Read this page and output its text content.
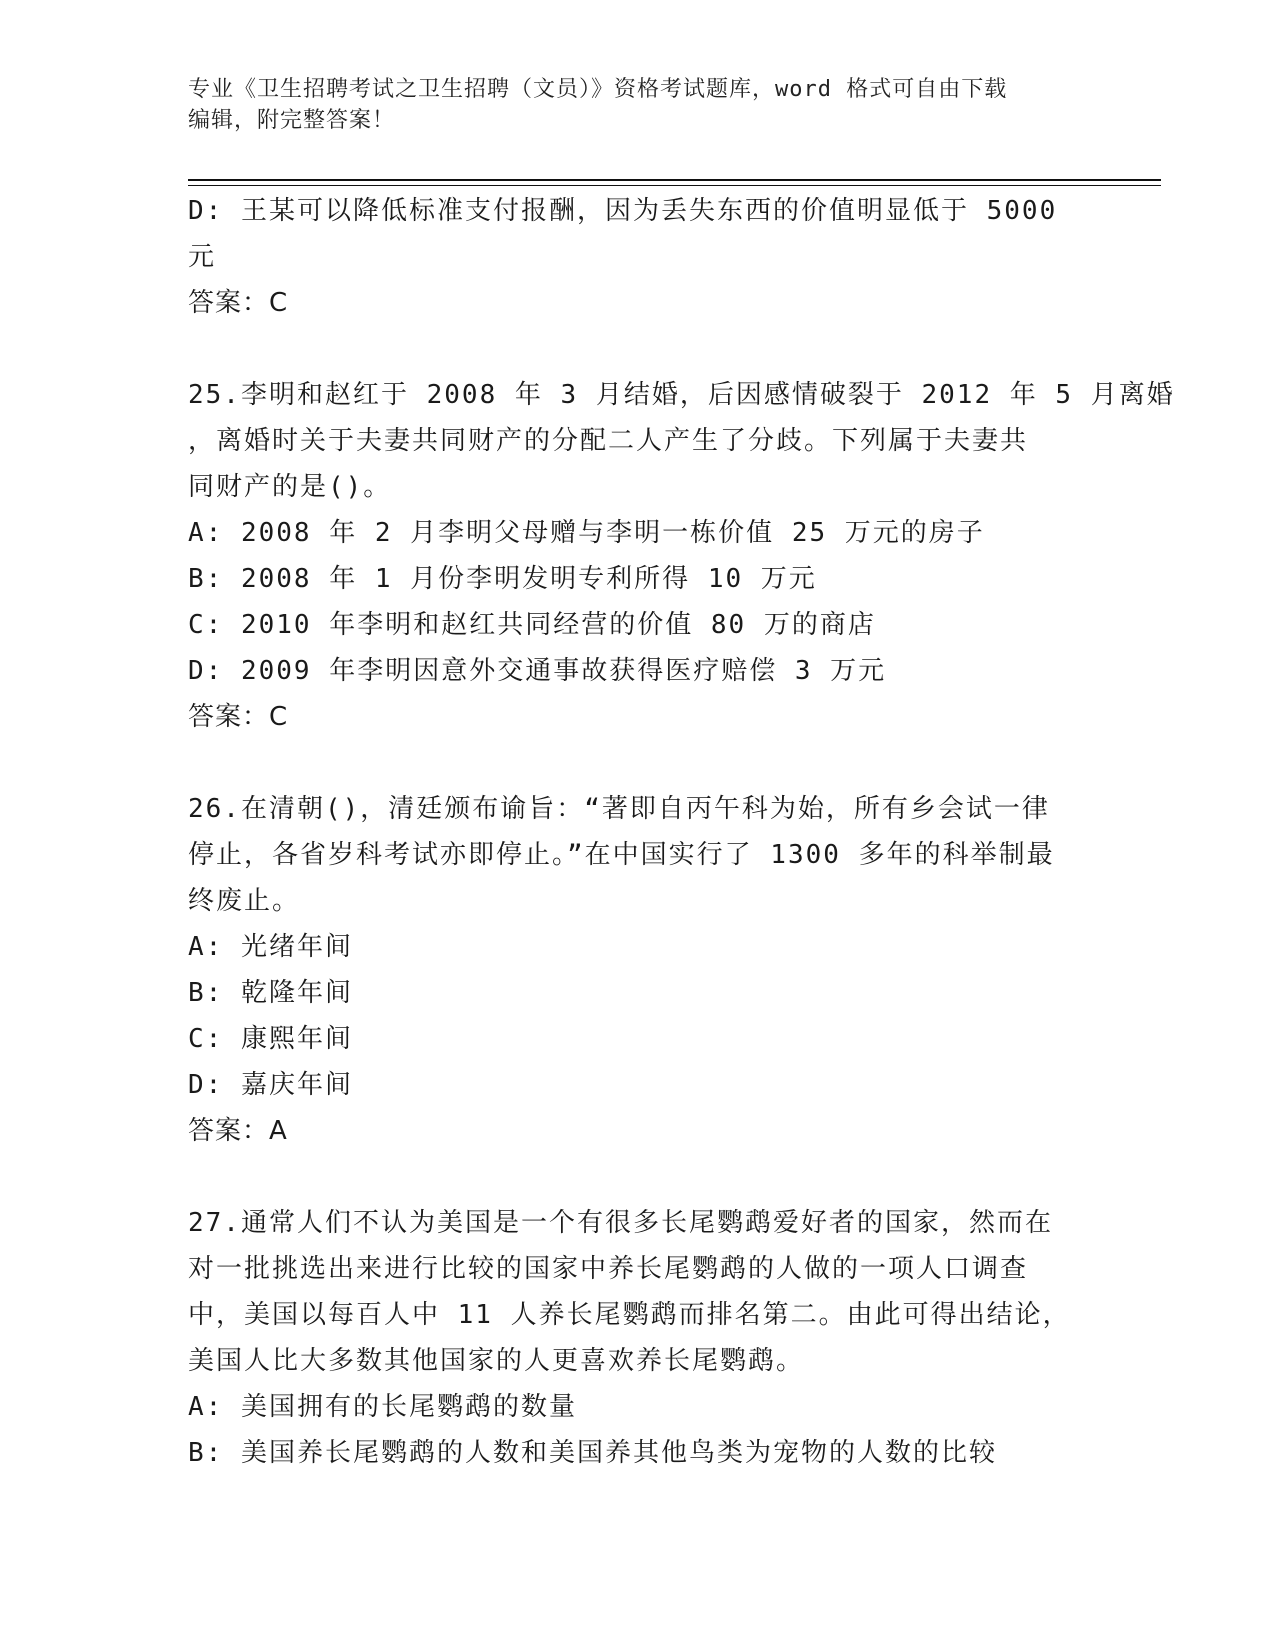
专业《卫生招聘考试之卫生招聘（文员）》资格考试题库，word 格式可自由下载
编辑，附完整答案！
D: 王某可以降低标准支付报酬，因为丢失东西的价值明显低于 5000
元
答案：C
25.李明和赵红于 2008 年 3 月结婚，后因感情破裂于 2012 年 5 月离婚
，离婚时关于夫妻共同财产的分配二人产生了分歧。下列属于夫妻共
同财产的是()。
A: 2008 年 2 月李明父母赠与李明一栋价值 25 万元的房子
B: 2008 年 1 月份李明发明专利所得 10 万元
C: 2010 年李明和赵红共同经营的价值 80 万的商店
D: 2009 年李明因意外交通事故获得医疗赔偿 3 万元
答案：C
26.在清朝()，清廷颁布谕旨：“著即自丙午科为始，所有乡会试一律
停止，各省岁科考试亦即停止。”在中国实行了 1300 多年的科举制最
终废止。
A: 光绪年间
B: 乾隆年间
C: 康熙年间
D: 嘉庆年间
答案：A
27.通常人们不认为美国是一个有很多长尾鹦鹉爱好者的国家，然而在
对一批挑选出来进行比较的国家中养长尾鹦鹉的人做的一项人口调查
中，美国以每百人中 11 人养长尾鹦鹉而排名第二。由此可得出结论，
美国人比大多数其他国家的人更喜欢养长尾鹦鹉。
A: 美国拥有的长尾鹦鹉的数量
B: 美国养长尾鹦鹉的人数和美国养其他鸟类为宠物的人数的比较
